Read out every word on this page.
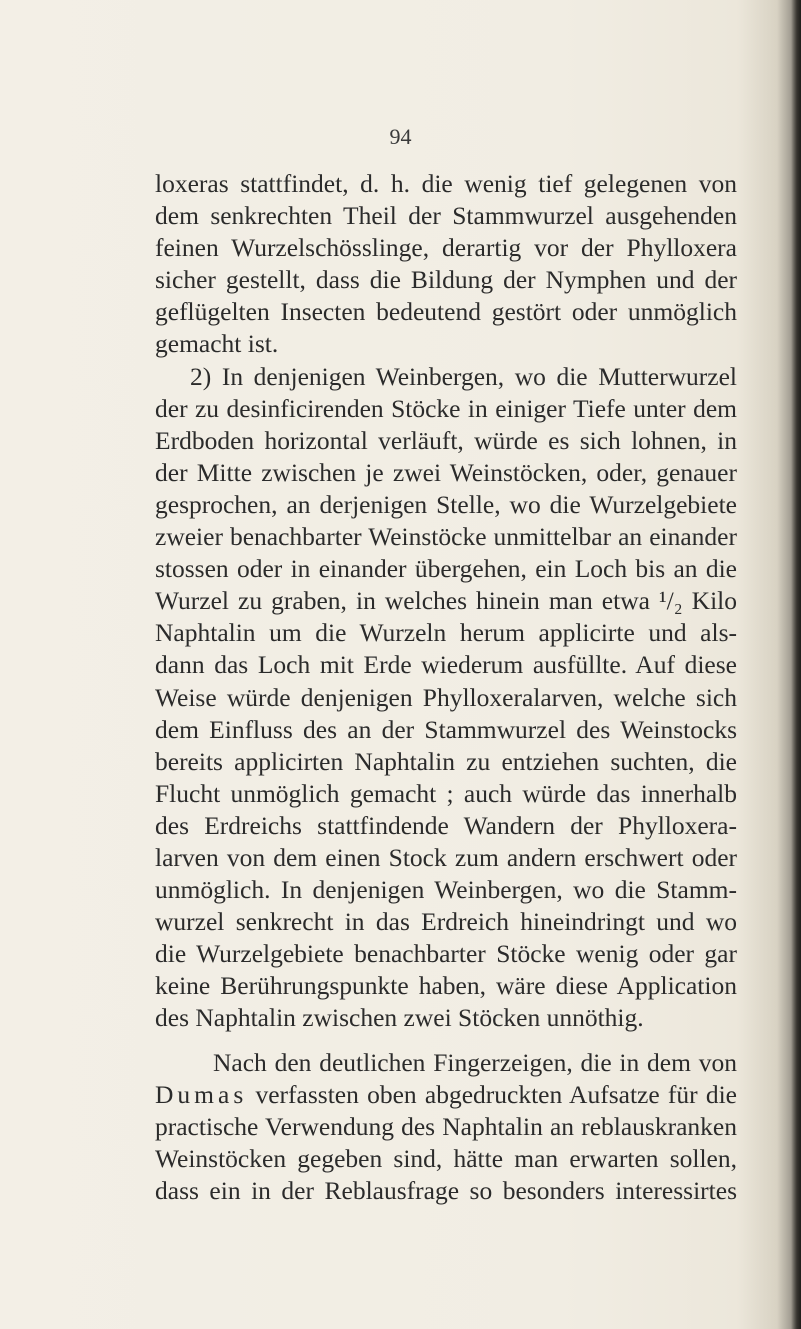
94
loxeras stattfindet, d. h. die wenig tief gelegenen von
dem senkrechten Theil der Stammwurzel ausgehenden
feinen Wurzelschösslinge, derartig vor der Phylloxera
sicher gestellt, dass die Bildung der Nymphen und der
geflügelten Insecten bedeutend gestört oder unmöglich
gemacht ist.
2) In denjenigen Weinbergen, wo die Mutterwurzel
der zu desinficirenden Stöcke in einiger Tiefe unter dem
Erdboden horizontal verläuft, würde es sich lohnen, in
der Mitte zwischen je zwei Weinstöcken, oder, genauer
gesprochen, an derjenigen Stelle, wo die Wurzelgebiete
zweier benachbarter Weinstöcke unmittelbar an einander
stossen oder in einander übergehen, ein Loch bis an die
Wurzel zu graben, in welches hinein man etwa ¹/₂ Kilo
Naphtalin um die Wurzeln herum applicirte und als-
dann das Loch mit Erde wiederum ausfüllte. Auf diese
Weise würde denjenigen Phylloxeralarven, welche sich
dem Einfluss des an der Stammwurzel des Weinstocks
bereits applicirten Naphtalin zu entziehen suchten, die
Flucht unmöglich gemacht ; auch würde das innerhalb
des Erdreichs stattfindende Wandern der Phylloxera-
larven von dem einen Stock zum andern erschwert oder
unmöglich. In denjenigen Weinbergen, wo die Stamm-
wurzel senkrecht in das Erdreich hineindringt und wo
die Wurzelgebiete benachbarter Stöcke wenig oder gar
keine Berührungspunkte haben, wäre diese Application
des Naphtalin zwischen zwei Stöcken unnöthig.
Nach den deutlichen Fingerzeigen, die in dem von
Dumas verfassten oben abgedruckten Aufsatze für die
practische Verwendung des Naphtalin an reblauskranken
Weinstöcken gegeben sind, hätte man erwarten sollen,
dass ein in der Reblausfrage so besonders interessirtes
